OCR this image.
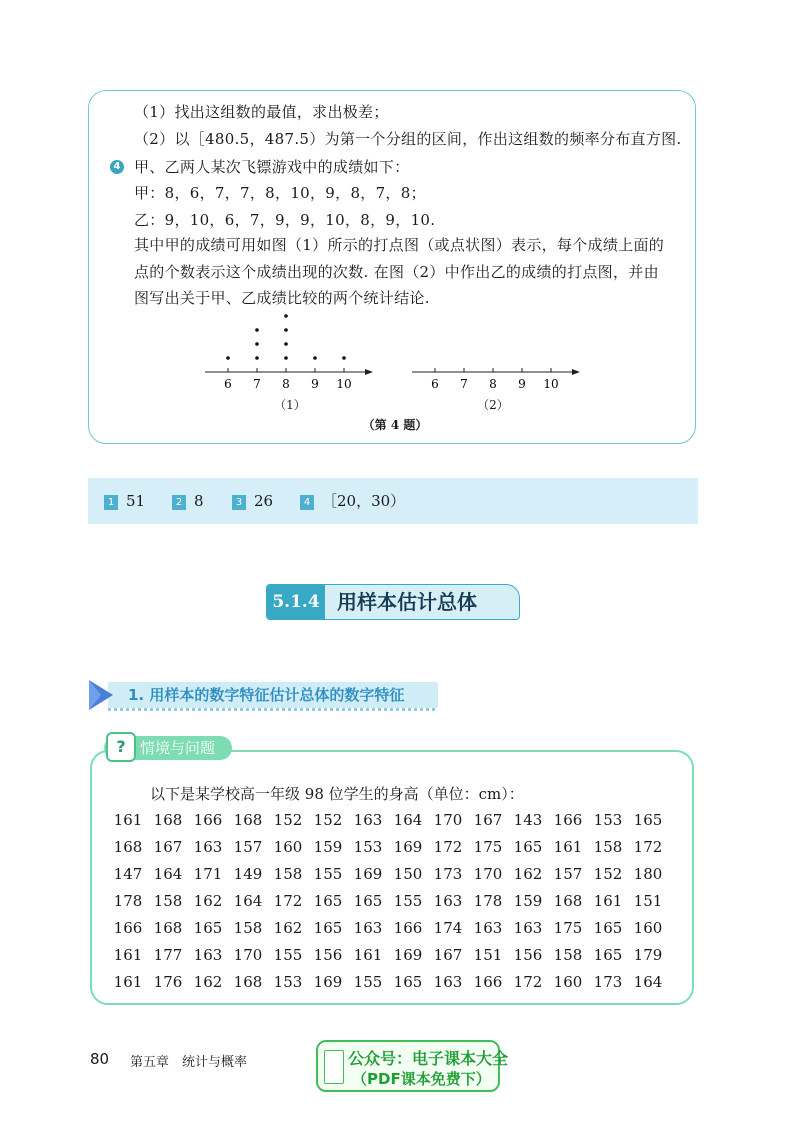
（1）找出这组数的最值，求出极差；
（2）以［480.5，487.5）为第一个分组的区间，作出这组数的频率分布直方图.
4 甲、乙两人某次飞镖游戏中的成绩如下：
甲：8，6，7，7，8，10，9，8，7，8；
乙：9，10，6，7，9，9，10，8，9，10.
其中甲的成绩可用如图（1）所示的打点图（或点状图）表示，每个成绩上面的
点的个数表示这个成绩出现的次数. 在图（2）中作出乙的成绩的打点图，并由
图写出关于甲、乙成绩比较的两个统计结论.
6 7 8 9 10
（1）
6 7 8 9 10
（2）
（第 4 题）
1 51	2 8	3 26	4 ［20，30）
5.1.4 用样本估计总体
1. 用样本的数字特征估计总体的数字特征
? 情境与问题
以下是某学校高一年级 98 位学生的身高（单位：cm）：
161 168 166 168 152 152 163 164 170 167 143 166 153 165
168 167 163 157 160 159 153 169 172 175 165 161 158 172
147 164 171 149 158 155 169 150 173 170 162 157 152 180
178 158 162 164 172 165 165 155 163 178 159 168 161 151
166 168 165 158 162 165 163 166 174 163 163 175 165 160
161 177 163 170 155 156 161 169 167 151 156 158 165 179
161 176 162 168 153 169 155 165 163 166 172 160 173 164
80 第五章　统计与概率	公众号：电子课本大全
（PDF课本免费下）
